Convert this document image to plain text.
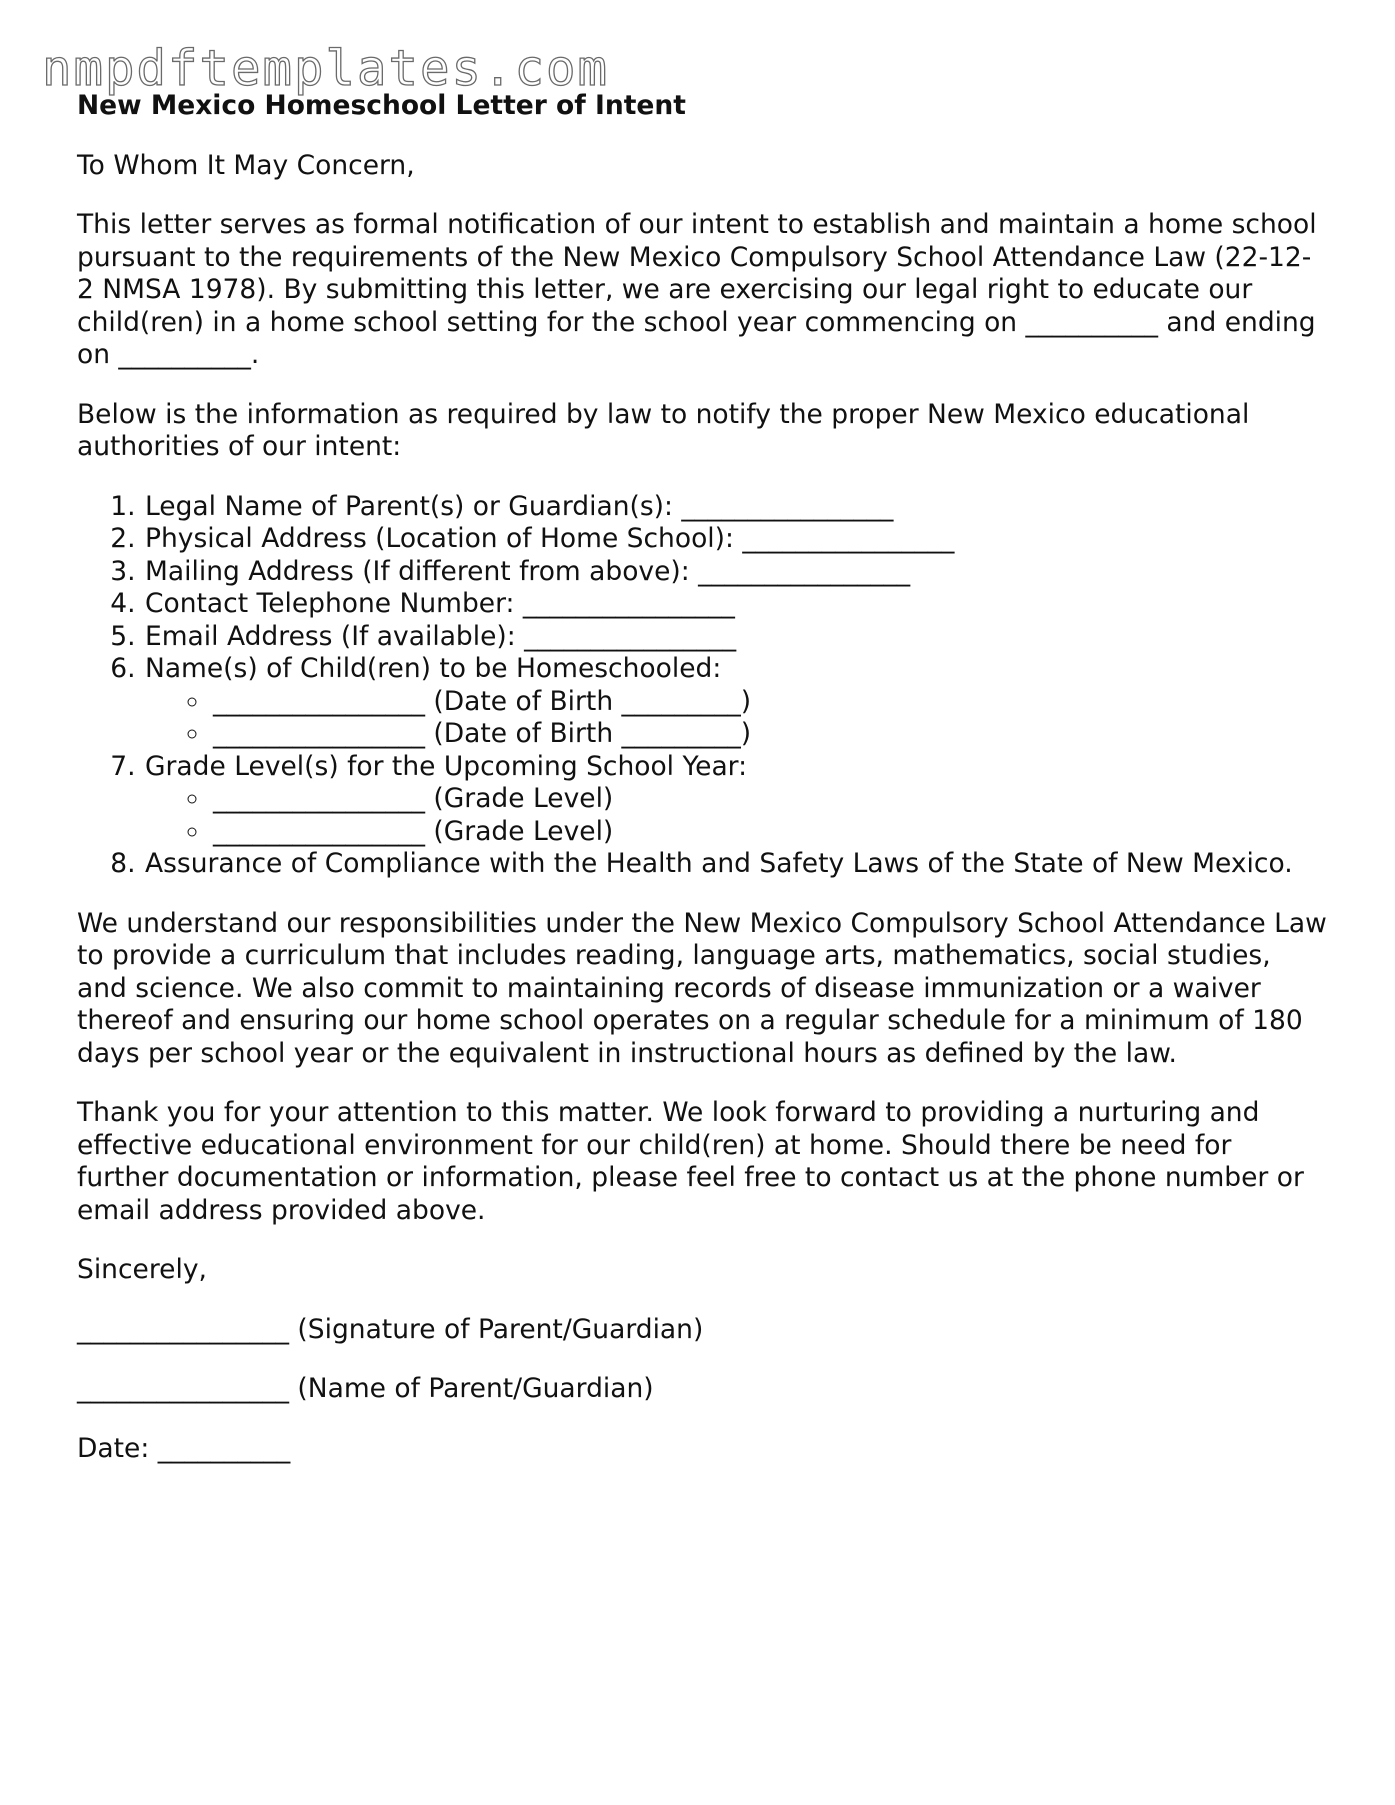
nmpdftemplates.com
New Mexico Homeschool Letter of Intent

To Whom It May Concern,

This letter serves as formal notification of our intent to establish and maintain a home school pursuant to the requirements of the New Mexico Compulsory School Attendance Law (22-12-2 NMSA 1978). By submitting this letter, we are exercising our legal right to educate our child(ren) in a home school setting for the school year commencing on __________ and ending on __________.

Below is the information as required by law to notify the proper New Mexico educational authorities of our intent:

1. Legal Name of Parent(s) or Guardian(s): ________________
2. Physical Address (Location of Home School): ________________
3. Mailing Address (If different from above): ________________
4. Contact Telephone Number: ________________
5. Email Address (If available): ________________
6. Name(s) of Child(ren) to be Homeschooled:
◦ ________________ (Date of Birth _________)
◦ ________________ (Date of Birth _________)
7. Grade Level(s) for the Upcoming School Year:
◦ ________________ (Grade Level)
◦ ________________ (Grade Level)
8. Assurance of Compliance with the Health and Safety Laws of the State of New Mexico.

We understand our responsibilities under the New Mexico Compulsory School Attendance Law to provide a curriculum that includes reading, language arts, mathematics, social studies, and science. We also commit to maintaining records of disease immunization or a waiver thereof and ensuring our home school operates on a regular schedule for a minimum of 180 days per school year or the equivalent in instructional hours as defined by the law.

Thank you for your attention to this matter. We look forward to providing a nurturing and effective educational environment for our child(ren) at home. Should there be need for further documentation or information, please feel free to contact us at the phone number or email address provided above.

Sincerely,

________________ (Signature of Parent/Guardian)

________________ (Name of Parent/Guardian)

Date: __________
